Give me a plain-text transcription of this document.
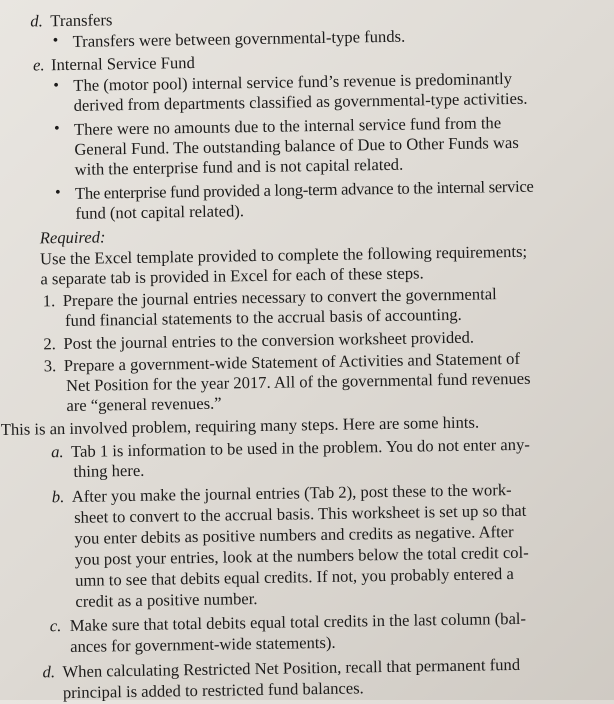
d. Transfers
• Transfers were between governmental-type funds.
e. Internal Service Fund
• The (motor pool) internal service fund’s revenue is predominantly
derived from departments classified as governmental-type activities.
• There were no amounts due to the internal service fund from the
General Fund. The outstanding balance of Due to Other Funds was
with the enterprise fund and is not capital related.
• The enterprise fund provided a long-term advance to the internal service
fund (not capital related).
Required:
Use the Excel template provided to complete the following requirements;
a separate tab is provided in Excel for each of these steps.
1. Prepare the journal entries necessary to convert the governmental
fund financial statements to the accrual basis of accounting.
2. Post the journal entries to the conversion worksheet provided.
3. Prepare a government-wide Statement of Activities and Statement of
Net Position for the year 2017. All of the governmental fund revenues
are “general revenues.”
This is an involved problem, requiring many steps. Here are some hints.
a. Tab 1 is information to be used in the problem. You do not enter any-
thing here.
b. After you make the journal entries (Tab 2), post these to the work-
sheet to convert to the accrual basis. This worksheet is set up so that
you enter debits as positive numbers and credits as negative. After
you post your entries, look at the numbers below the total credit col-
umn to see that debits equal credits. If not, you probably entered a
credit as a positive number.
c. Make sure that total debits equal total credits in the last column (bal-
ances for government-wide statements).
d. When calculating Restricted Net Position, recall that permanent fund
principal is added to restricted fund balances.
